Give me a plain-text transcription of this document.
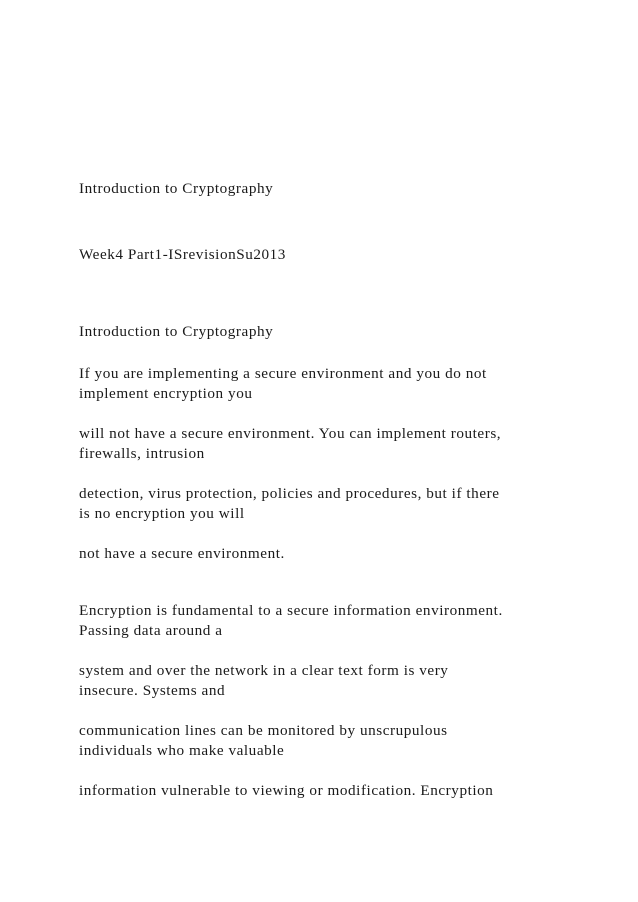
Introduction to Cryptography

Week4 Part1-ISrevisionSu2013

Introduction to Cryptography

If you are implementing a secure environment and you do not

implement encryption you

will not have a secure environment. You can implement routers,

firewalls, intrusion

detection, virus protection, policies and procedures, but if there

is no encryption you will

not have a secure environment.

Encryption is fundamental to a secure information environment.

Passing data around a

system and over the network in a clear text form is very

insecure. Systems and

communication lines can be monitored by unscrupulous

individuals who make valuable

information vulnerable to viewing or modification. Encryption
